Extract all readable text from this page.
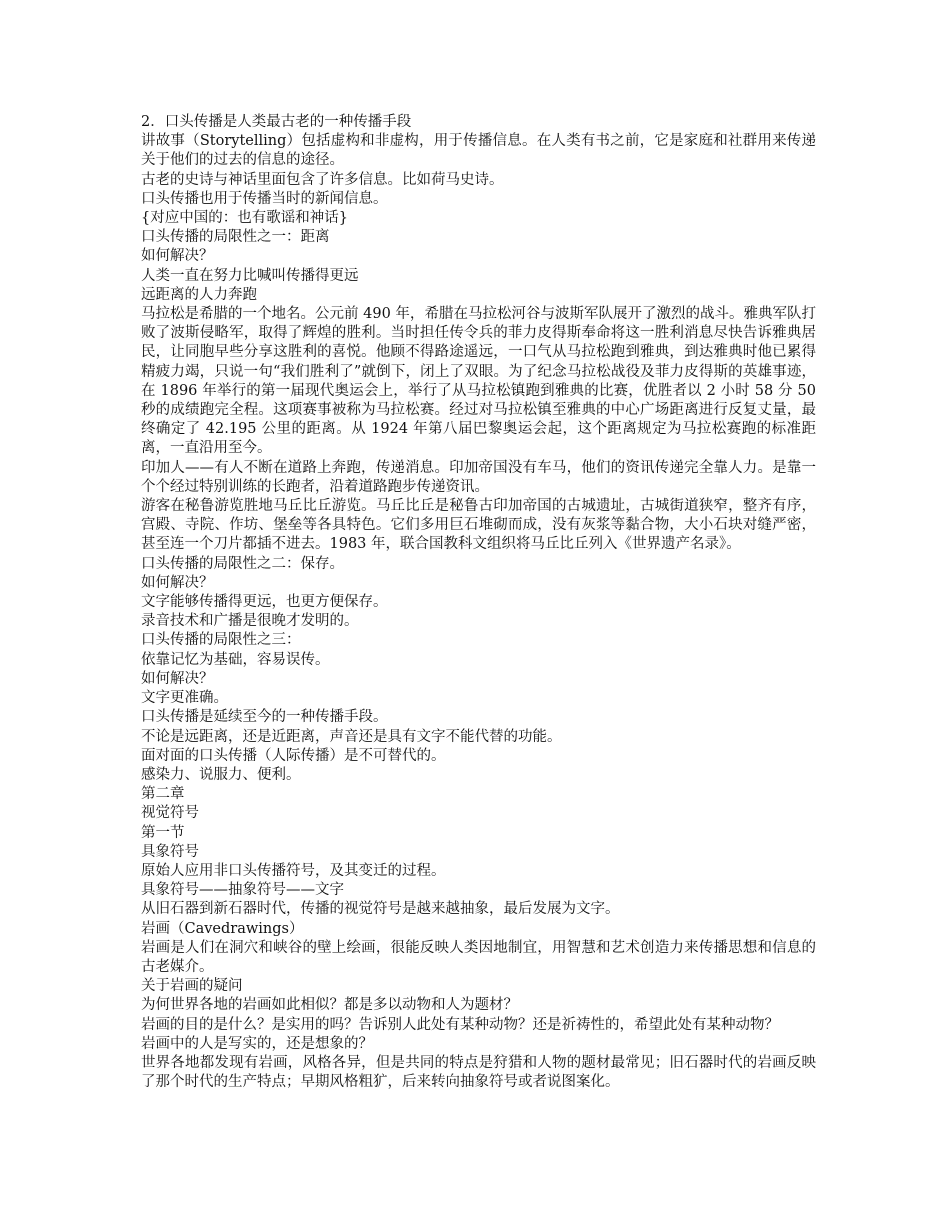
2．口头传播是人类最古老的一种传播手段

讲故事（Storytelling）包括虚构和非虚构，用于传播信息。在人类有书之前，它是家庭和社群用来传递关于他们的过去的信息的途径。

古老的史诗与神话里面包含了许多信息。比如荷马史诗。

口头传播也用于传播当时的新闻信息。

{对应中国的：也有歌谣和神话}

口头传播的局限性之一：距离

如何解决？

人类一直在努力比喊叫传播得更远

远距离的人力奔跑

马拉松是希腊的一个地名。公元前 490 年，希腊在马拉松河谷与波斯军队展开了激烈的战斗。雅典军队打败了波斯侵略军，取得了辉煌的胜利。当时担任传令兵的菲力皮得斯奉命将这一胜利消息尽快告诉雅典居民，让同胞早些分享这胜利的喜悦。他顾不得路途遥远，一口气从马拉松跑到雅典，到达雅典时他已累得精疲力竭，只说一句“我们胜利了”就倒下，闭上了双眼。为了纪念马拉松战役及菲力皮得斯的英雄事迹，在 1896 年举行的第一届现代奥运会上，举行了从马拉松镇跑到雅典的比赛，优胜者以 2 小时 58 分 50 秒的成绩跑完全程。这项赛事被称为马拉松赛。经过对马拉松镇至雅典的中心广场距离进行反复丈量，最终确定了 42.195 公里的距离。从 1924 年第八届巴黎奥运会起，这个距离规定为马拉松赛跑的标准距离，一直沿用至今。

印加人——有人不断在道路上奔跑，传递消息。印加帝国没有车马，他们的资讯传递完全靠人力。是靠一个个经过特别训练的长跑者，沿着道路跑步传递资讯。

游客在秘鲁游览胜地马丘比丘游览。马丘比丘是秘鲁古印加帝国的古城遗址，古城街道狭窄，整齐有序，宫殿、寺院、作坊、堡垒等各具特色。它们多用巨石堆砌而成，没有灰浆等黏合物，大小石块对缝严密，甚至连一个刀片都插不进去。1983 年，联合国教科文组织将马丘比丘列入《世界遗产名录》。

口头传播的局限性之二：保存。

如何解决？

文字能够传播得更远，也更方便保存。

录音技术和广播是很晚才发明的。

口头传播的局限性之三：

依靠记忆为基础，容易误传。

如何解决？

文字更准确。

口头传播是延续至今的一种传播手段。

不论是远距离，还是近距离，声音还是具有文字不能代替的功能。

面对面的口头传播（人际传播）是不可替代的。

感染力、说服力、便利。

第二章

视觉符号

第一节

具象符号

原始人应用非口头传播符号，及其变迁的过程。

具象符号——抽象符号——文字

从旧石器到新石器时代，传播的视觉符号是越来越抽象，最后发展为文字。

岩画（Cavedrawings）

岩画是人们在洞穴和峡谷的壁上绘画，很能反映人类因地制宜，用智慧和艺术创造力来传播思想和信息的古老媒介。

关于岩画的疑问

为何世界各地的岩画如此相似？都是多以动物和人为题材？

岩画的目的是什么？是实用的吗？告诉别人此处有某种动物？还是祈祷性的，希望此处有某种动物？

岩画中的人是写实的，还是想象的？

世界各地都发现有岩画，风格各异，但是共同的特点是狩猎和人物的题材最常见；旧石器时代的岩画反映了那个时代的生产特点；早期风格粗犷，后来转向抽象符号或者说图案化。
